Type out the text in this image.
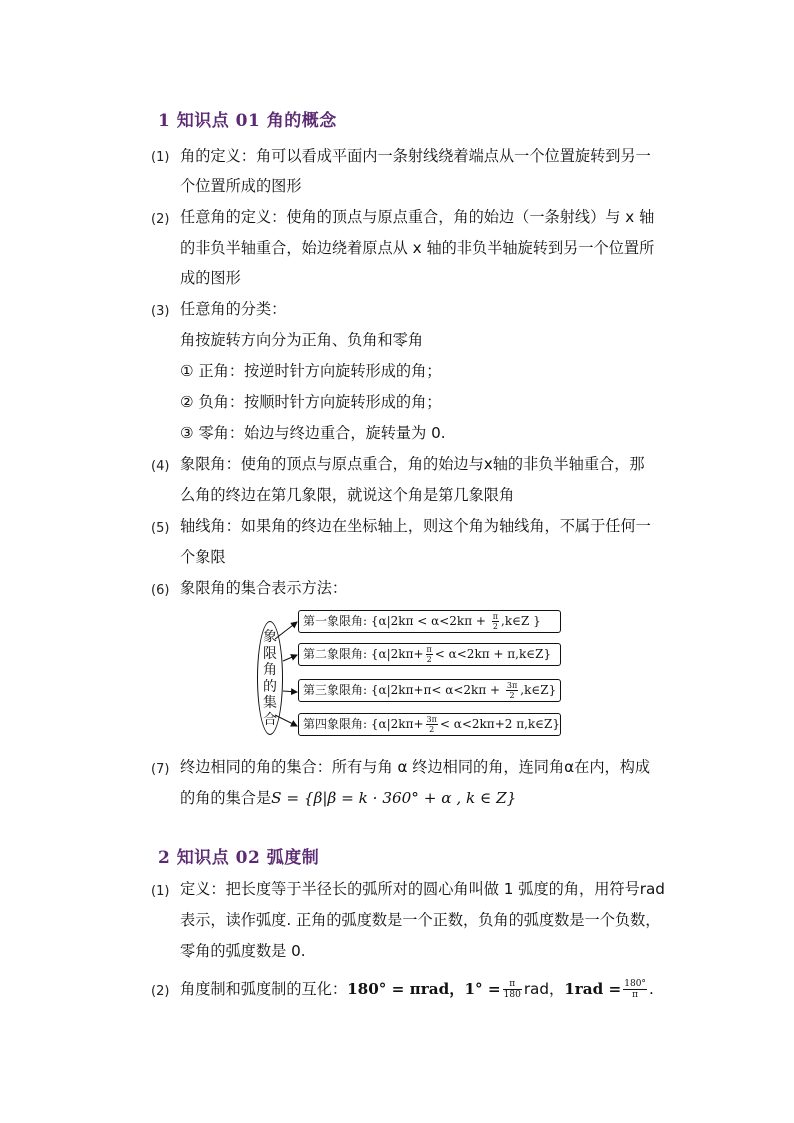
1 知识点 01 角的概念
(1) 角的定义：角可以看成平面内一条射线绕着端点从一个位置旋转到另一
个位置所成的图形
(2) 任意角的定义：使角的顶点与原点重合，角的始边（一条射线）与 x 轴
的非负半轴重合，始边绕着原点从 x 轴的非负半轴旋转到另一个位置所
成的图形
(3) 任意角的分类：
角按旋转方向分为正角、负角和零角
① 正角：按逆时针方向旋转形成的角；
② 负角：按顺时针方向旋转形成的角；
③ 零角：始边与终边重合，旋转量为 0.
(4) 象限角：使角的顶点与原点重合，角的始边与x轴的非负半轴重合，那
么角的终边在第几象限，就说这个角是第几象限角
(5) 轴线角：如果角的终边在坐标轴上，则这个角为轴线角，不属于任何一
个象限
(6) 象限角的集合表示方法：
象
限
角
的
集
合
第一象限角: {$\alpha|2k\pi < \alpha<2k\pi + \frac{\pi}{2}$ ,k∈Z }
第二象限角: {$\alpha|2k\pi+ \frac{\pi}{2} < \alpha<2k\pi$ + π,k∈Z}
第三象限角: {$\alpha|2k\pi+\pi< \alpha<2k\pi + \frac{3\pi}{2}$ ,k∈Z}
第四象限角: {$\alpha|2k\pi+ \frac{3\pi}{2} < \alpha<2k\pi+2$ π,k∈Z}
(7) 终边相同的角的集合：所有与角 α 终边相同的角，连同角α在内，构成
的角的集合是S = {β|β = k · 360° + α , k ∈ Z}
2 知识点 02 弧度制
(1) 定义：把长度等于半径长的弧所对的圆心角叫做 1 弧度的角，用符号rad
表示，读作弧度. 正角的弧度数是一个正数，负角的弧度数是一个负数，
零角的弧度数是 0.
(2) 角度制和弧度制的互化：180° = πrad，$1^\circ = \frac{\pi}{180}$ rad，$1rad = \frac{180^\circ}{\pi}$ .
